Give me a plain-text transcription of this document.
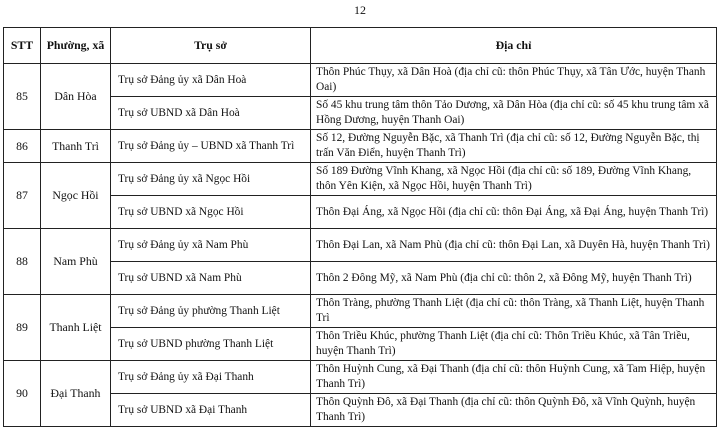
12
STT	Phường, xã	Trụ sở	Địa chỉ
85	Dân Hòa	Trụ sở Đảng ủy xã Dân Hoà	Thôn Phúc Thụy, xã Dân Hoà (địa chỉ cũ: thôn Phúc Thụy, xã Tân Ước, huyện Thanh Oai)
		Trụ sở UBND xã Dân Hoà	Số 45 khu trung tâm thôn Tảo Dương, xã Dân Hòa (địa chỉ cũ: số 45 khu trung tâm xã Hồng Dương, huyện Thanh Oai)
86	Thanh Trì	Trụ sở Đảng ủy – UBND xã Thanh Trì	Số 12, Đường Nguyễn Bặc, xã Thanh Trì (địa chỉ cũ: số 12, Đường Nguyễn Bặc, thị trấn Văn Điển, huyện Thanh Trì)
87	Ngọc Hồi	Trụ sở Đảng ủy xã Ngọc Hồi	Số 189 Đường Vĩnh Khang, xã Ngọc Hồi (địa chỉ cũ: số 189, Đường Vĩnh Khang, thôn Yên Kiện, xã Ngọc Hồi, huyện Thanh Trì)
		Trụ sở UBND xã Ngọc Hồi	Thôn Đại Áng, xã Ngọc Hồi (địa chỉ cũ: thôn Đại Áng, xã Đại Áng, huyện Thanh Trì)
88	Nam Phù	Trụ sở Đảng ủy xã Nam Phù	Thôn Đại Lan, xã Nam Phù (địa chỉ cũ: thôn Đại Lan, xã Duyên Hà, huyện Thanh Trì)
		Trụ sở UBND xã Nam Phù	Thôn 2 Đông Mỹ, xã Nam Phù (địa chỉ cũ: thôn 2, xã Đông Mỹ, huyện Thanh Trì)
89	Thanh Liệt	Trụ sở Đảng ủy phường Thanh Liệt	Thôn Tràng, phường Thanh Liệt (địa chỉ cũ: thôn Tràng, xã Thanh Liệt, huyện Thanh Trì
		Trụ sở UBND phường Thanh Liệt	Thôn Triều Khúc, phường Thanh Liệt (địa chỉ cũ: Thôn Triều Khúc, xã Tân Triều, huyện Thanh Trì)
90	Đại Thanh	Trụ sở Đảng ủy xã Đại Thanh	Thôn Huỳnh Cung, xã Đại Thanh (địa chỉ cũ: thôn Huỳnh Cung, xã Tam Hiệp, huyện Thanh Trì)
		Trụ sở UBND xã Đại Thanh	Thôn Quỳnh Đô, xã Đại Thanh (địa chỉ cũ: thôn Quỳnh Đô, xã Vĩnh Quỳnh, huyện Thanh Trì)
